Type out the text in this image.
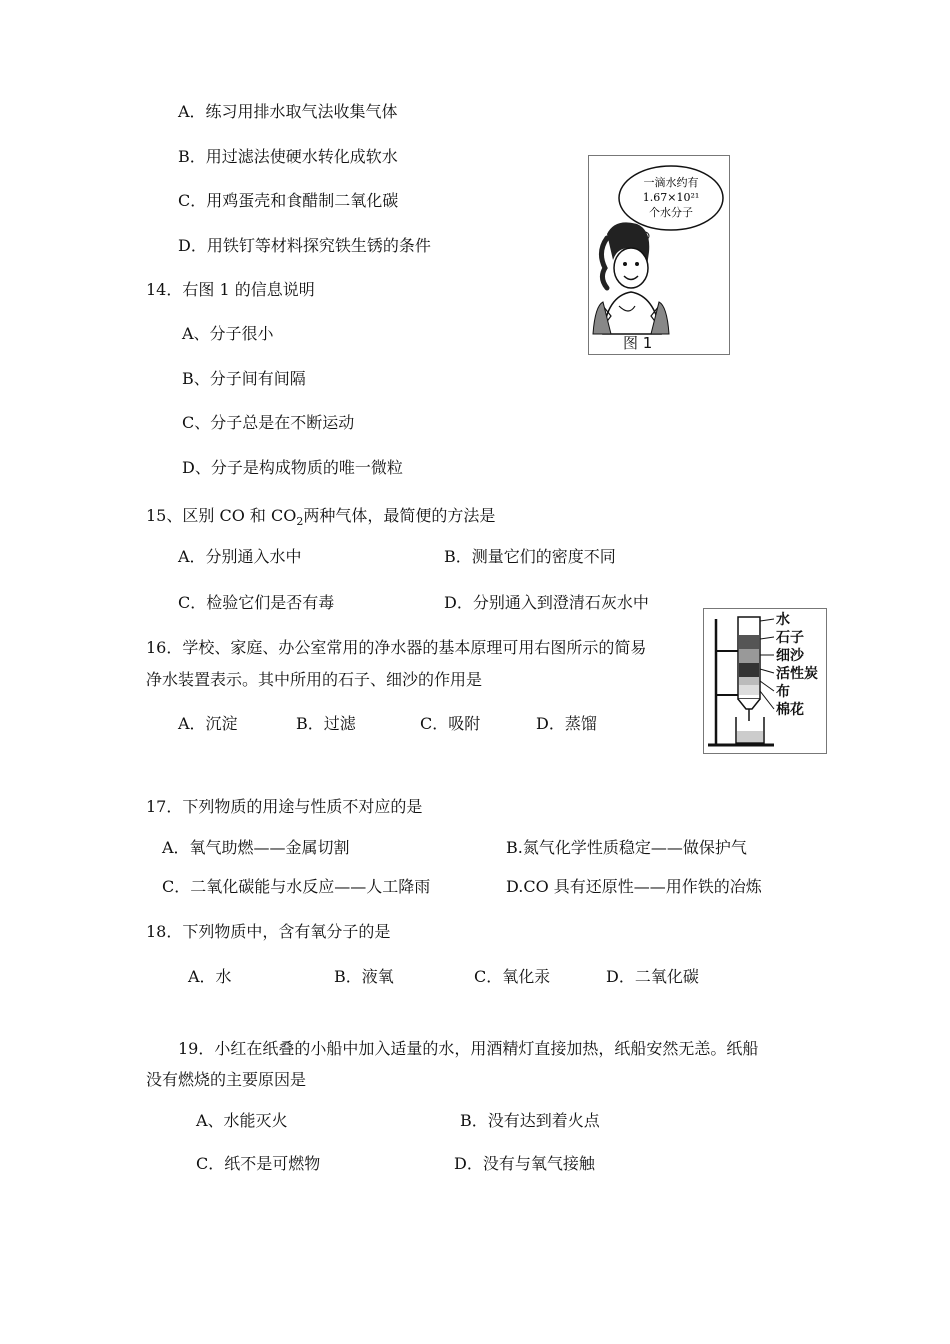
A．练习用排水取气法收集气体
B．用过滤法使硬水转化成软水
C．用鸡蛋壳和食醋制二氧化碳
D．用铁钉等材料探究铁生锈的条件
一滴水约有
1.67×10²¹
个水分子
图 1
14．右图 1 的信息说明
A、分子很小
B、分子间有间隔
C、分子总是在不断运动
D、分子是构成物质的唯一微粒
15、区别 CO 和 $CO_2$两种气体，最简便的方法是
A．分别通入水中	B．测量它们的密度不同
C．检验它们是否有毒	D．分别通入到澄清石灰水中
水
石子
细沙
活性炭
布
棉花
16．学校、家庭、办公室常用的净水器的基本原理可用右图所示的简易
净水装置表示。其中所用的石子、细沙的作用是
A．沉淀	B．过滤	C．吸附	D．蒸馏
17．下列物质的用途与性质不对应的是
A．氧气助燃——金属切割	B.氮气化学性质稳定——做保护气
C．二氧化碳能与水反应——人工降雨	D.CO 具有还原性——用作铁的冶炼
18．下列物质中，含有氧分子的是
A．水	B．液氧	C．氧化汞	D．二氧化碳
19．小红在纸叠的小船中加入适量的水，用酒精灯直接加热，纸船安然无恙。纸船
没有燃烧的主要原因是
A、水能灭火	B．没有达到着火点
C．纸不是可燃物	D．没有与氧气接触
